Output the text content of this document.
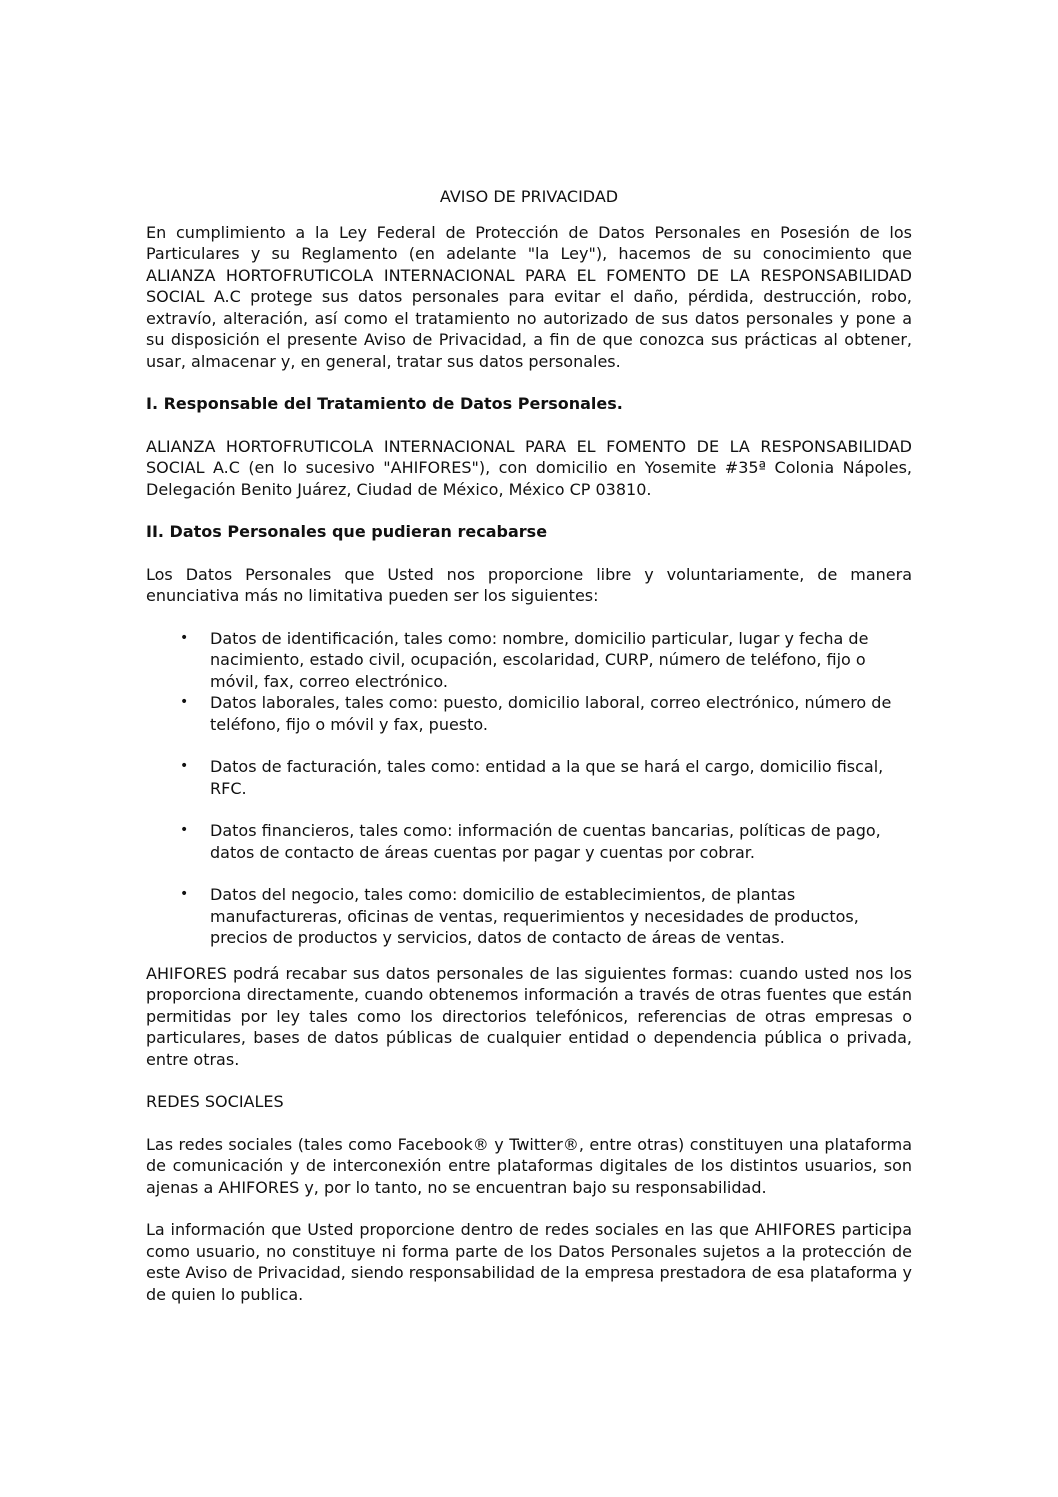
AVISO DE PRIVACIDAD

En cumplimiento a la Ley Federal de Protección de Datos Personales en Posesión de los Particulares y su Reglamento (en adelante "la Ley"), hacemos de su conocimiento que ALIANZA HORTOFRUTICOLA INTERNACIONAL PARA EL FOMENTO DE LA RESPONSABILIDAD SOCIAL A.C protege sus datos personales para evitar el daño, pérdida, destrucción, robo, extravío, alteración, así como el tratamiento no autorizado de sus datos personales y pone a su disposición el presente Aviso de Privacidad, a fin de que conozca sus prácticas al obtener, usar, almacenar y, en general, tratar sus datos personales.

I. Responsable del Tratamiento de Datos Personales.

ALIANZA HORTOFRUTICOLA INTERNACIONAL PARA EL FOMENTO DE LA RESPONSABILIDAD SOCIAL A.C (en lo sucesivo "AHIFORES"), con domicilio en Yosemite #35ª Colonia Nápoles, Delegación Benito Juárez, Ciudad de México, México CP 03810.

II. Datos Personales que pudieran recabarse

Los Datos Personales que Usted nos proporcione libre y voluntariamente, de manera enunciativa más no limitativa pueden ser los siguientes:

• Datos de identificación, tales como: nombre, domicilio particular, lugar y fecha de nacimiento, estado civil, ocupación, escolaridad, CURP, número de teléfono, fijo o móvil, fax, correo electrónico.
• Datos laborales, tales como: puesto, domicilio laboral, correo electrónico, número de teléfono, fijo o móvil y fax, puesto.
• Datos de facturación, tales como: entidad a la que se hará el cargo, domicilio fiscal, RFC.
• Datos financieros, tales como: información de cuentas bancarias, políticas de pago, datos de contacto de áreas cuentas por pagar y cuentas por cobrar.
• Datos del negocio, tales como: domicilio de establecimientos, de plantas manufactureras, oficinas de ventas, requerimientos y necesidades de productos, precios de productos y servicios, datos de contacto de áreas de ventas.

AHIFORES podrá recabar sus datos personales de las siguientes formas: cuando usted nos los proporciona directamente, cuando obtenemos información a través de otras fuentes que están permitidas por ley tales como los directorios telefónicos, referencias de otras empresas o particulares, bases de datos públicas de cualquier entidad o dependencia pública o privada, entre otras.

REDES SOCIALES

Las redes sociales (tales como Facebook® y Twitter®, entre otras) constituyen una plataforma de comunicación y de interconexión entre plataformas digitales de los distintos usuarios, son ajenas a AHIFORES y, por lo tanto, no se encuentran bajo su responsabilidad.

La información que Usted proporcione dentro de redes sociales en las que AHIFORES participa como usuario, no constituye ni forma parte de los Datos Personales sujetos a la protección de este Aviso de Privacidad, siendo responsabilidad de la empresa prestadora de esa plataforma y de quien lo publica.
